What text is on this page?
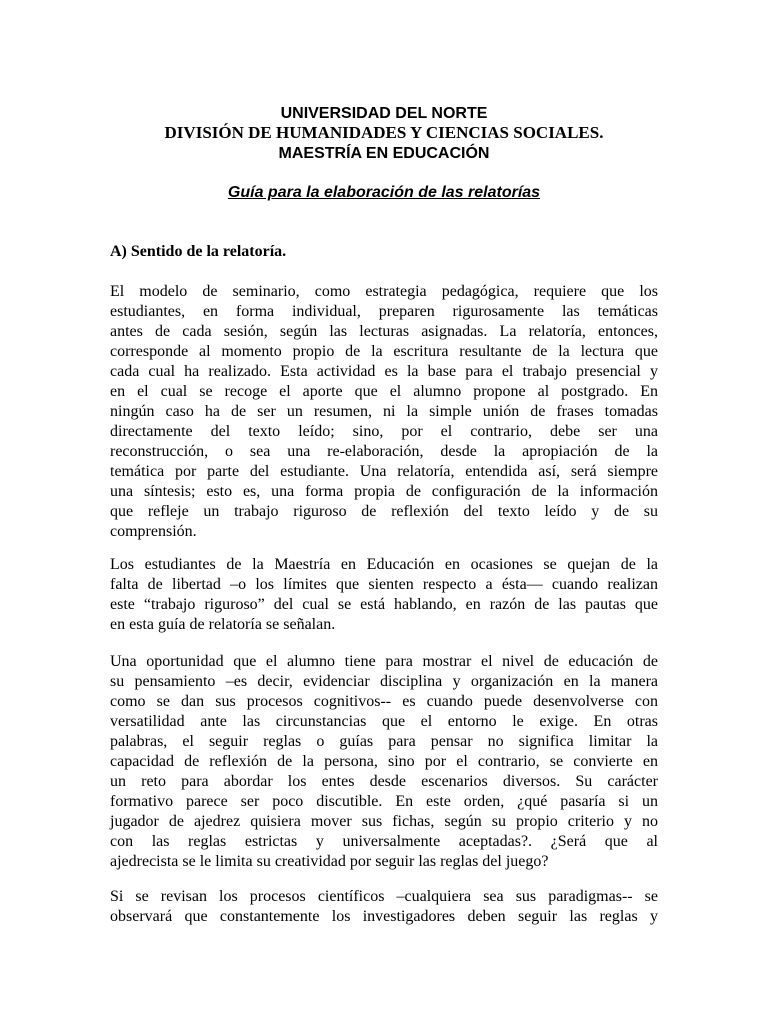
UNIVERSIDAD DEL NORTE
DIVISIÓN DE HUMANIDADES Y CIENCIAS SOCIALES.
MAESTRÍA EN EDUCACIÓN
Guía para la elaboración de las relatorías
A) Sentido de la relatoría.
El modelo de seminario, como estrategia pedagógica, requiere que los
estudiantes, en forma individual, preparen rigurosamente las temáticas
antes de cada sesión, según las lecturas asignadas. La relatoría, entonces,
corresponde al momento propio de la escritura resultante de la lectura que
cada cual ha realizado. Esta actividad es la base para el trabajo presencial y
en el cual se recoge el aporte que el alumno propone al postgrado. En
ningún caso ha de ser un resumen, ni la simple unión de frases tomadas
directamente del texto leído; sino, por el contrario, debe ser una
reconstrucción, o sea una re-elaboración, desde la apropiación de la
temática por parte del estudiante. Una relatoría, entendida así, será siempre
una síntesis; esto es, una forma propia de configuración de la información
que refleje un trabajo riguroso de reflexión del texto leído y de su
comprensión.
Los estudiantes de la Maestría en Educación en ocasiones se quejan de la
falta de libertad –o los límites que sienten respecto a ésta— cuando realizan
este “trabajo riguroso” del cual se está hablando, en razón de las pautas que
en esta guía de relatoría se señalan.
Una oportunidad que el alumno tiene para mostrar el nivel de educación de
su pensamiento –es decir, evidenciar disciplina y organización en la manera
como se dan sus procesos cognitivos-- es cuando puede desenvolverse con
versatilidad ante las circunstancias que el entorno le exige. En otras
palabras, el seguir reglas o guías para pensar no significa limitar la
capacidad de reflexión de la persona, sino por el contrario, se convierte en
un reto para abordar los entes desde escenarios diversos. Su carácter
formativo parece ser poco discutible. En este orden, ¿qué pasaría si un
jugador de ajedrez quisiera mover sus fichas, según su propio criterio y no
con las reglas estrictas y universalmente aceptadas?. ¿Será que al
ajedrecista se le limita su creatividad por seguir las reglas del juego?
Si se revisan los procesos científicos –cualquiera sea sus paradigmas-- se
observará que constantemente los investigadores deben seguir las reglas y
